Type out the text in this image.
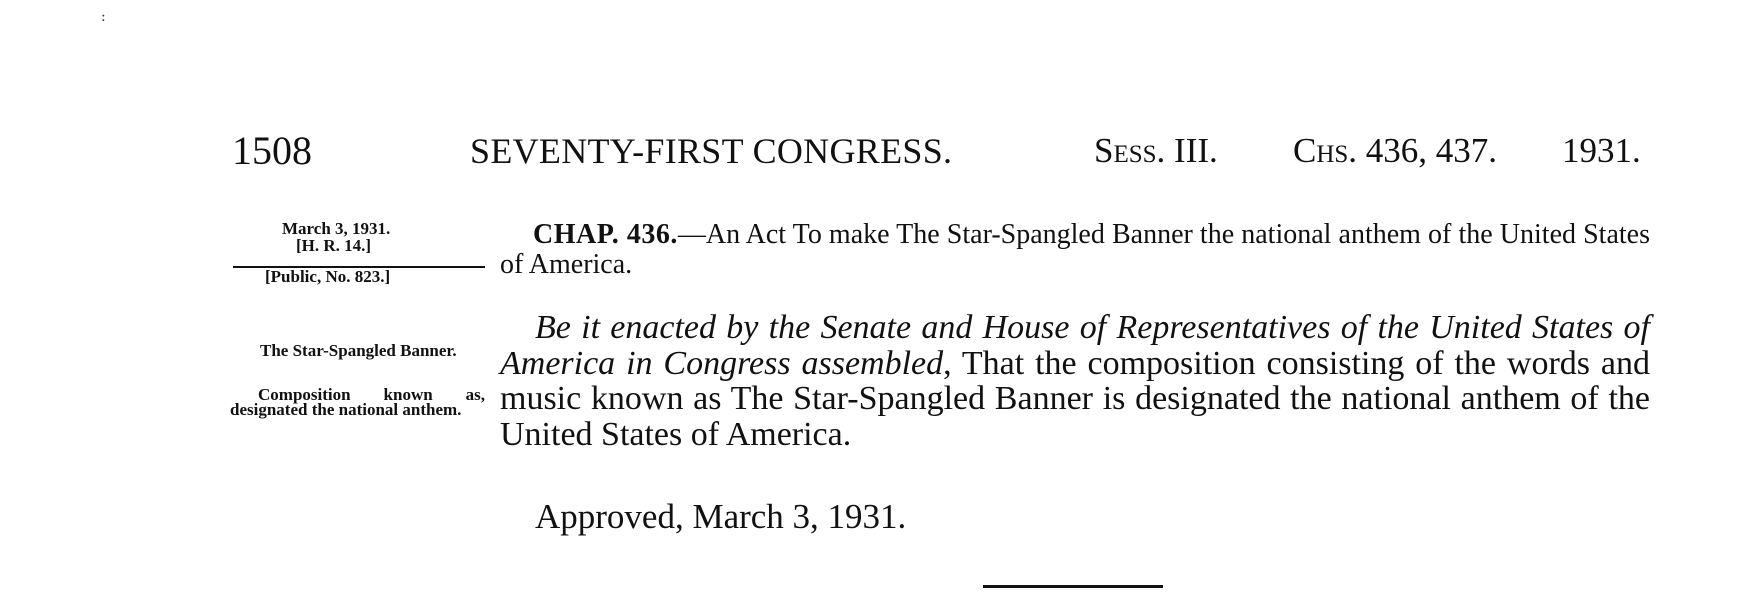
:
1508	SEVENTY-FIRST CONGRESS.	Sess. III. Chs. 436, 437. 1931.
March 3, 1931.
[H. R. 14.]
[Public, No. 823.]
The Star-Spangled Banner.
Composition known as, designated the national anthem.
CHAP. 436.—An Act To make The Star-Spangled Banner the national anthem of the United States of America.
Be it enacted by the Senate and House of Representatives of the United States of America in Congress assembled, That the composition consisting of the words and music known as The Star-Spangled Banner is designated the national anthem of the United States of America.
Approved, March 3, 1931.
